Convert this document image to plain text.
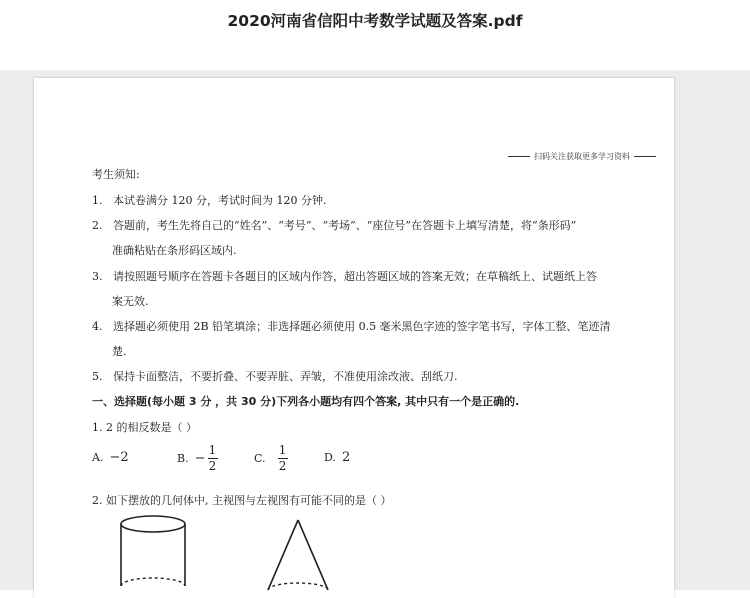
2020河南省信阳中考数学试题及答案.pdf
扫码关注获取更多学习资料
考生须知:
1. 本试卷满分 120 分，考试时间为 120 分钟.
2. 答题前，考生先将自己的“姓名”、“考号”、“考场”、“座位号”在答题卡上填写清楚，将“条形码”
准确粘贴在条形码区域内.
3. 请按照题号顺序在答题卡各题目的区域内作答，超出答题区域的答案无效；在草稿纸上、试题纸上答
案无效.
4. 选择题必须使用 2B 铅笔填涂；非选择题必须使用 0.5 毫米黑色字迹的签字笔书写，字体工整、笔迹清
楚.
5. 保持卡面整洁，不要折叠、不要弄脏、弄皱，不准使用涂改液、刮纸刀.
一、选择题(每小题 3 分 ，共 30 分)下列各小题均有四个答案, 其中只有一个是正确的.
1. 2 的相反数是（ ）
A. −2	B. − $\frac{1}{2}$	C. $\frac{1}{2}$	D. 2
2. 如下摆放的几何体中, 主视图与左视图有可能不同的是（ ）
